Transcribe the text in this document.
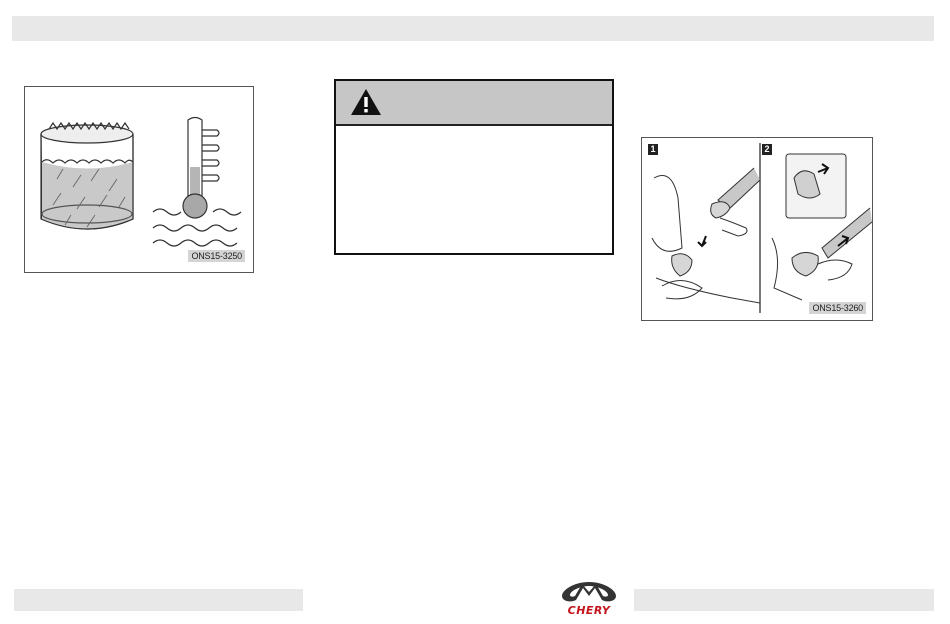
ONS15-3250
1	2
ONS15-3260
CHERY
